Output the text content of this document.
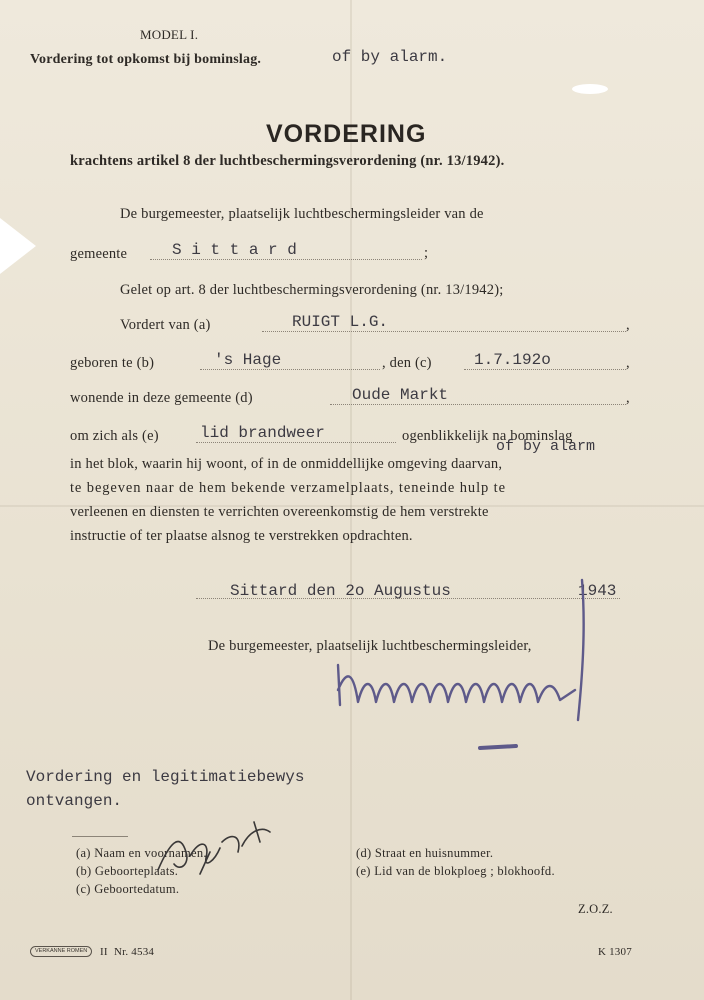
MODEL I.
Vordering tot opkomst bij bominslag.	of by alarm.
VORDERING
krachtens artikel 8 der luchtbeschermingsverordening (nr. 13/1942).
De burgemeester, plaatselijk luchtbeschermingsleider van de
gemeente	S i t t a r d	;
Gelet op art. 8 der luchtbeschermingsverordening (nr. 13/1942);
Vordert van (a)	RUIGT L.G.	,
geboren te (b)	's Hage	, den (c)	1.7.192o	,
wonende in deze gemeente (d)	Oude Markt	,
om zich als (e)	lid brandweer	ogenblikkelijk na bominslag
of by alarm
in het blok, waarin hij woont, of in de onmiddellijke omgeving daarvan,
te begeven naar de hem bekende verzamelplaats, teneinde hulp te
verleenen en diensten te verrichten overeenkomstig de hem verstrekte
instructie of ter plaatse alsnog te verstrekken opdrachten.
Sittard den 2o Augustus	1943
De burgemeester, plaatselijk luchtbeschermingsleider,
Vordering en legitimatiebewys
ontvangen.
(a) Naam en voornamen.
(b) Geboorteplaats.
(c) Geboortedatum.
(d) Straat en huisnummer.
(e) Lid van de blokploeg ; blokhoofd.
Z.O.Z.
VERKANNE ROMEN	II Nr. 4534	K 1307
